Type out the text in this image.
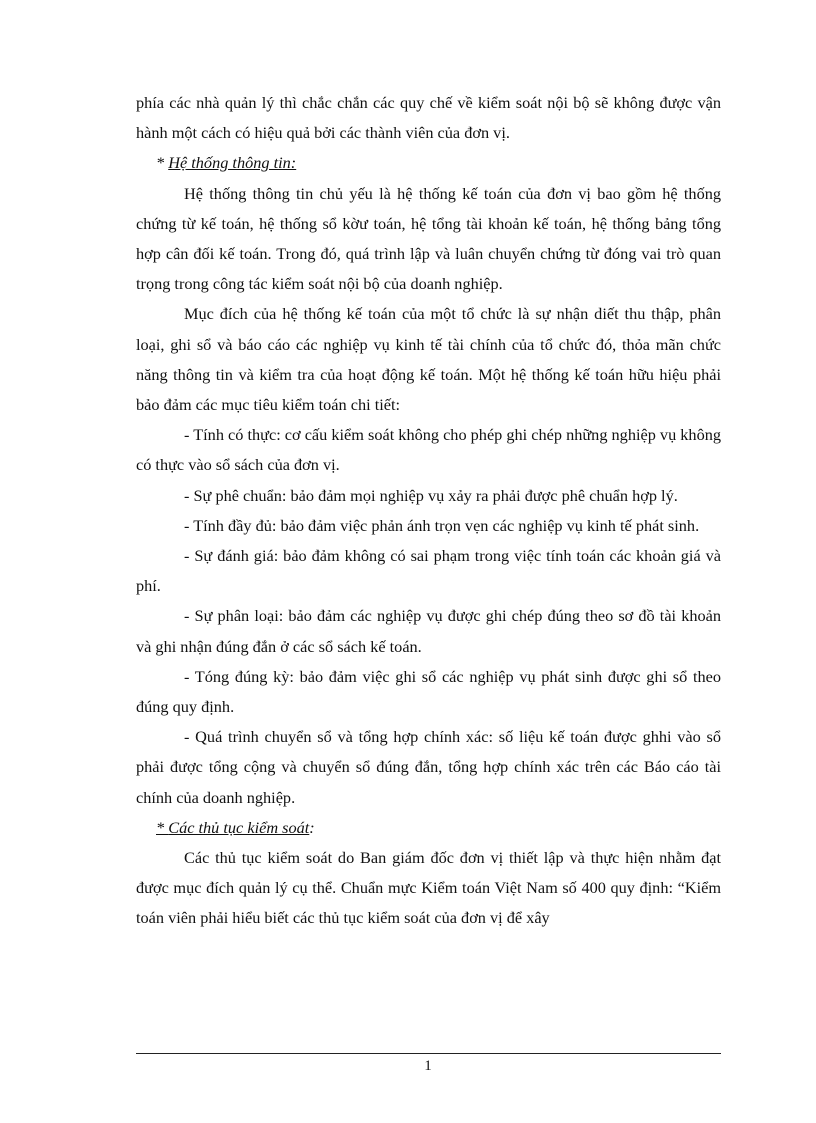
phía các nhà quản lý thì chắc chắn các quy chế về kiểm soát nội bộ sẽ không được vận hành một cách có hiệu quả bởi các thành viên của đơn vị.

* Hệ thống thông tin:

Hệ thống thông tin chủ yếu là hệ thống kế toán của đơn vị bao gồm hệ thống chứng từ kế toán, hệ thống sổ kờư toán, hệ tổng tài khoản kế toán, hệ thống bảng tổng hợp cân đối kế toán. Trong đó, quá trình lập và luân chuyển chứng từ đóng vai trò quan trọng trong công tác kiểm soát nội bộ của doanh nghiệp.

Mục đích của hệ thống kế toán của một tổ chức là sự nhận diết thu thập, phân loại, ghi sổ và báo cáo các nghiệp vụ kinh tế tài chính của tổ chức đó, thỏa mãn chức năng thông tin và kiểm tra của hoạt động kế toán. Một hệ thống kế toán hữu hiệu phải bảo đảm các mục tiêu kiểm toán chi tiết:

- Tính có thực: cơ cấu kiểm soát không cho phép ghi chép những nghiệp vụ không có thực vào sổ sách của đơn vị.

- Sự phê chuẩn: bảo đảm mọi nghiệp vụ xảy ra phải được phê chuẩn hợp lý.

- Tính đầy đủ: bảo đảm việc phản ánh trọn vẹn các nghiệp vụ kinh tế phát sinh.

- Sự đánh giá: bảo đảm không có sai phạm trong việc tính toán các khoản giá và phí.

- Sự phân loại: bảo đảm các nghiệp vụ được ghi chép đúng theo sơ đồ tài khoản và ghi nhận đúng đắn ở các sổ sách kế toán.

- Tóng đúng kỳ: bảo đảm việc ghi sổ các nghiệp vụ phát sinh được ghi sổ theo đúng quy định.

- Quá trình chuyển sổ và tổng hợp chính xác: số liệu kế toán được ghhi vào sổ phải được tổng cộng và chuyển sổ đúng đắn, tổng hợp chính xác trên các Báo cáo tài chính của doanh nghiệp.

* Các thủ tục kiểm soát:

Các thủ tục kiểm soát do Ban giám đốc đơn vị thiết lập và thực hiện nhằm đạt được mục đích quản lý cụ thể. Chuẩn mực Kiểm toán Việt Nam số 400 quy định: “Kiểm toán viên phải hiểu biết các thủ tục kiểm soát của đơn vị để xây

1
